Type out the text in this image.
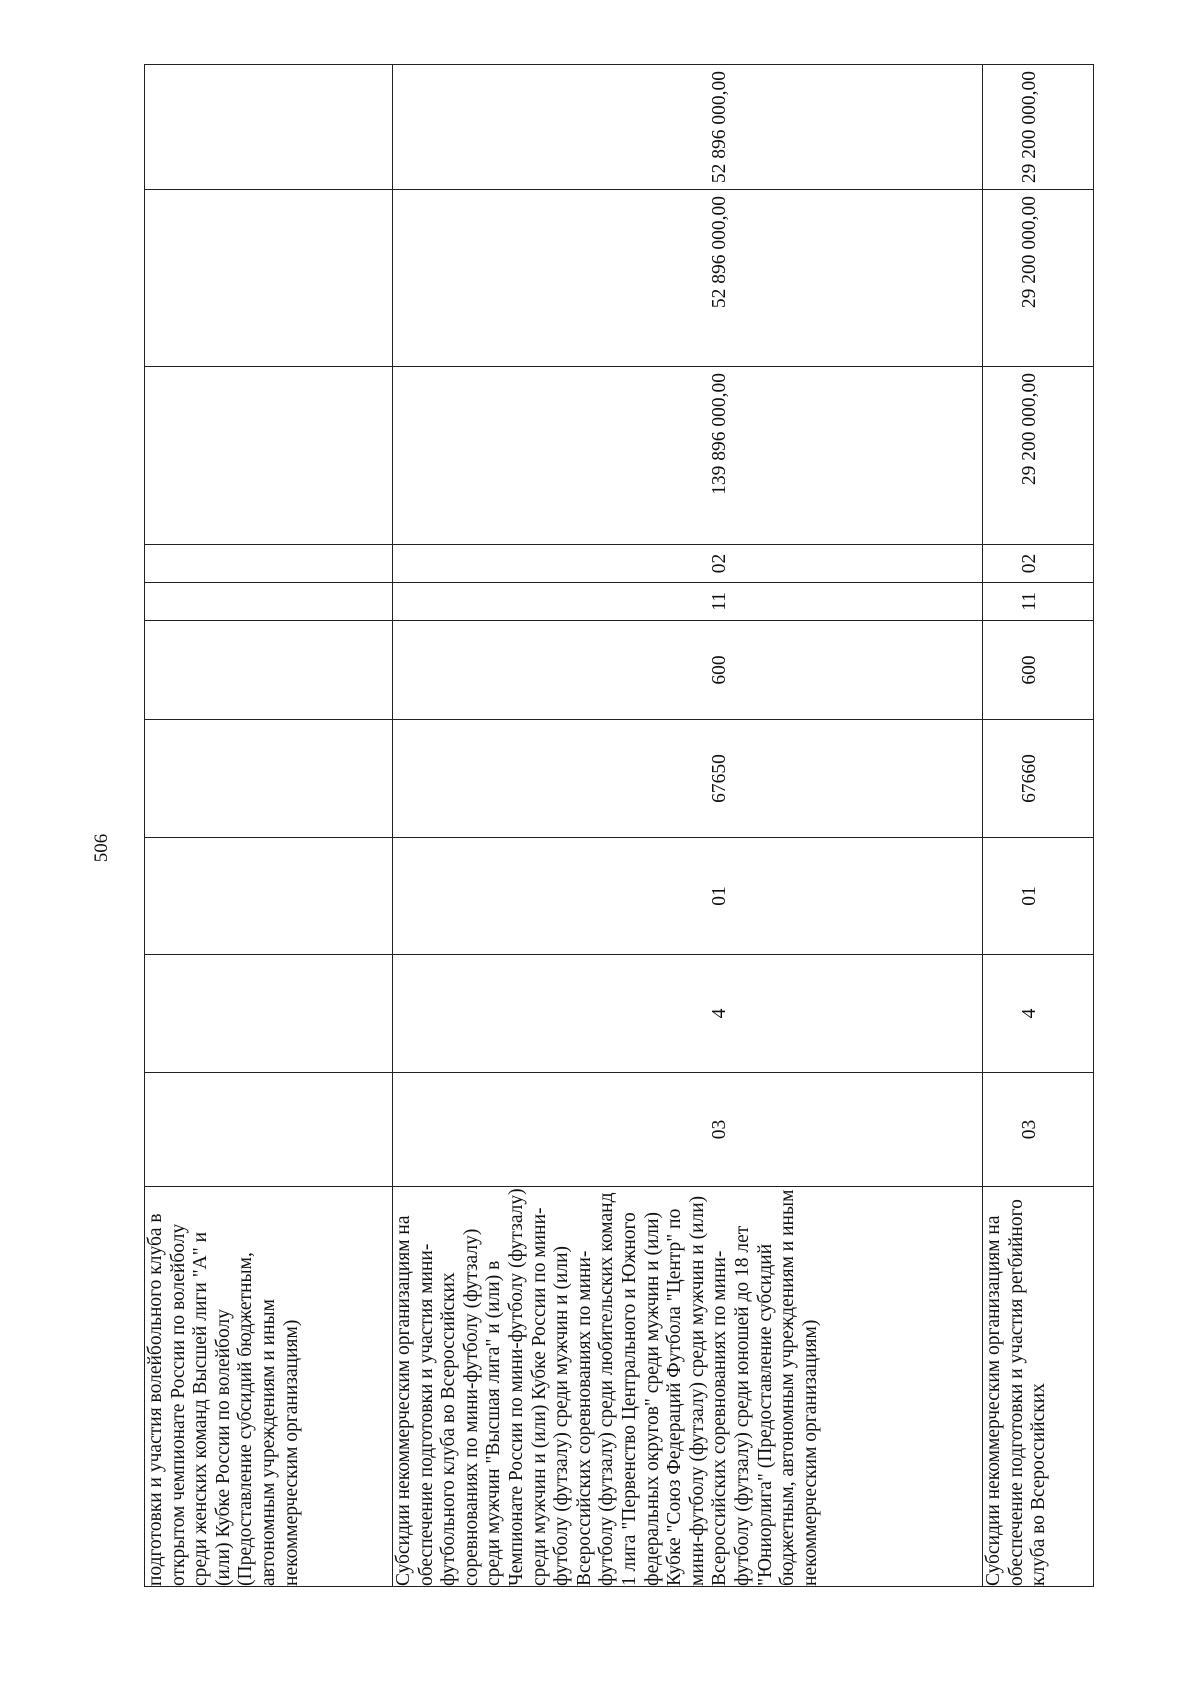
506
подготовки и участия волейбольного клуба в открытом чемпионате России по волейболу среди женских команд Высшей лиги "А" и (или) Кубке России по волейболу (Предоставление субсидий бюджетным, автономным учреждениям и иным некоммерческим организациям)	

Субсидии некоммерческим организациям на обеспечение подготовки и участия мини-футбольного клуба во Всероссийских соревнованиях по мини-футболу (футзалу) среди мужчин "Высшая лига" и (или) в Чемпионате России по мини-футболу (футзалу) среди мужчин и (или) Кубке России по мини-футболу (футзалу) среди мужчин и (или) Всероссийских соревнованиях по мини-футболу (футзалу) среди любительских команд 1 лига "Первенство Центрального и Южного федеральных округов" среди мужчин и (или) Кубке "Союз Федераций Футбола "Центр" по мини-футболу (футзалу) среди мужчин и (или) Всероссийских соревнованиях по мини-футболу (футзалу) среди юношей до 18 лет "Юниорлига" (Предоставление субсидий бюджетным, автономным учреждениям и иным некоммерческим организациям)	03	4	01	67650	600	11	02	139 896 000,00	52 896 000,00	52 896 000,00

Субсидии некоммерческим организациям на обеспечение подготовки и участия регбийного клуба во Всероссийских	03	4	01	67660	600	11	02	29 200 000,00	29 200 000,00	29 200 000,00
